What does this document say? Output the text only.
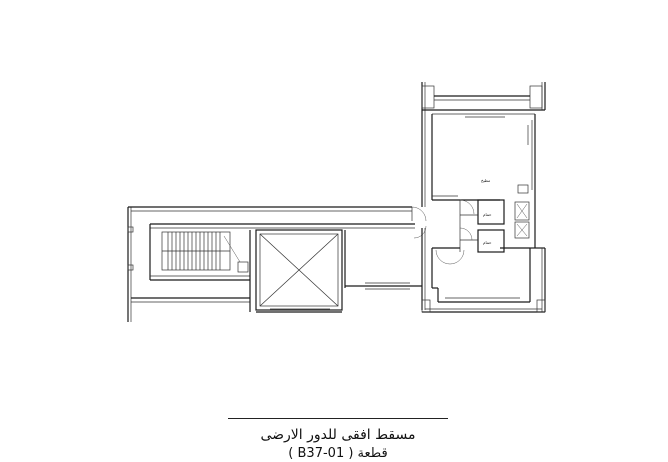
مطبخ
حمام
حمام
مسقط افقى للدور الارضى
قطعة ( B37-01 )
